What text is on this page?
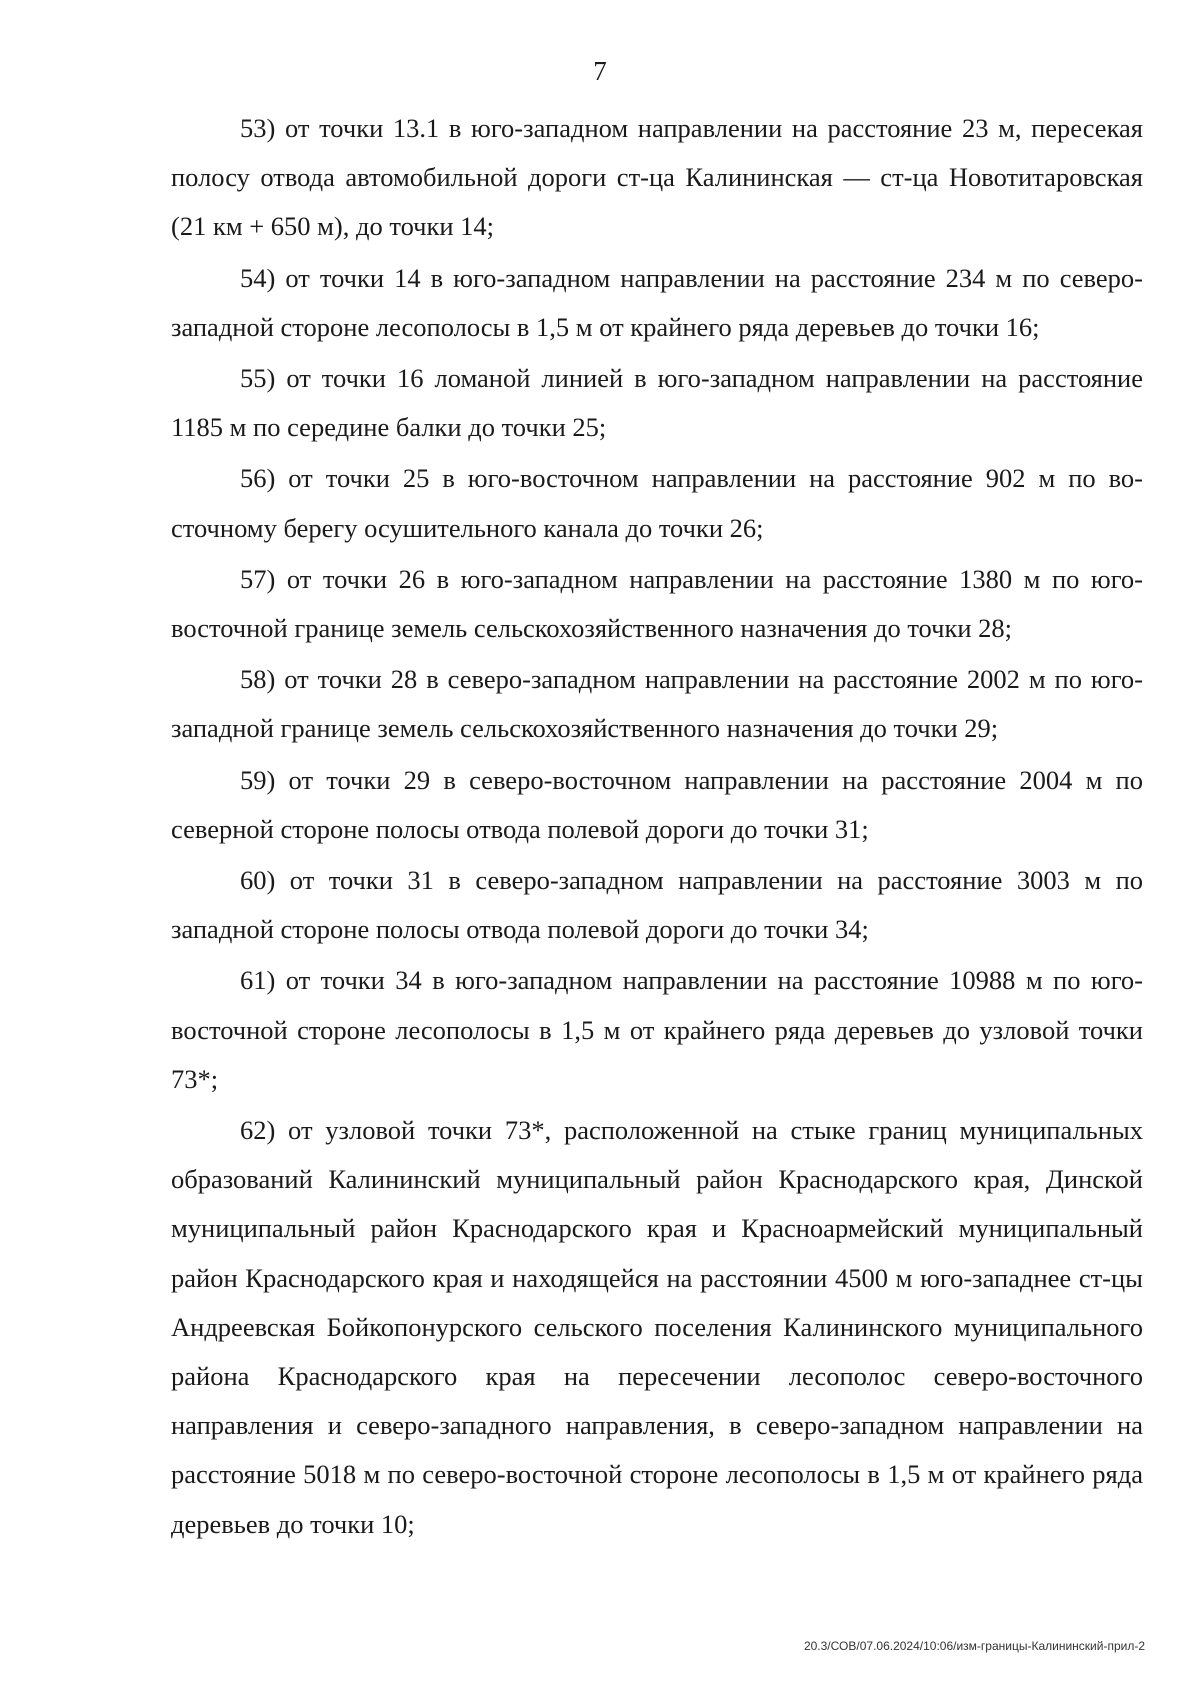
7

53) от точки 13.1 в юго-западном направлении на расстояние 23 м, пересекая полосу отвода автомобильной дороги ст-ца Калининская — ст-ца Новотитаровская (21 км + 650 м), до точки 14;

54) от точки 14 в юго-западном направлении на расстояние 234 м по северо-западной стороне лесополосы в 1,5 м от крайнего ряда деревьев до точки 16;

55) от точки 16 ломаной линией в юго-западном направлении на расстояние 1185 м по середине балки до точки 25;

56) от точки 25 в юго-восточном направлении на расстояние 902 м по восточному берегу осушительного канала до точки 26;

57) от точки 26 в юго-западном направлении на расстояние 1380 м по юго-восточной границе земель сельскохозяйственного назначения до точки 28;

58) от точки 28 в северо-западном направлении на расстояние 2002 м по юго-западной границе земель сельскохозяйственного назначения до точки 29;

59) от точки 29 в северо-восточном направлении на расстояние 2004 м по северной стороне полосы отвода полевой дороги до точки 31;

60) от точки 31 в северо-западном направлении на расстояние 3003 м по западной стороне полосы отвода полевой дороги до точки 34;

61) от точки 34 в юго-западном направлении на расстояние 10988 м по юго-восточной стороне лесополосы в 1,5 м от крайнего ряда деревьев до узловой точки 73*;

62) от узловой точки 73*, расположенной на стыке границ муниципальных образований Калининский муниципальный район Краснодарского края, Динской муниципальный район Краснодарского края и Красноармейский муниципальный район Краснодарского края и находящейся на расстоянии 4500 м юго-западнее ст-цы Андреевская Бойкопонурского сельского поселения Калининского муниципального района Краснодарского края на пересечении лесополос северо-восточного направления и северо-западного направления, в северо-западном направлении на расстояние 5018 м по северо-восточной стороне лесополосы в 1,5 м от крайнего ряда деревьев до точки 10;

20.3/СОВ/07.06.2024/10:06/изм-границы-Калининский-прил-2
